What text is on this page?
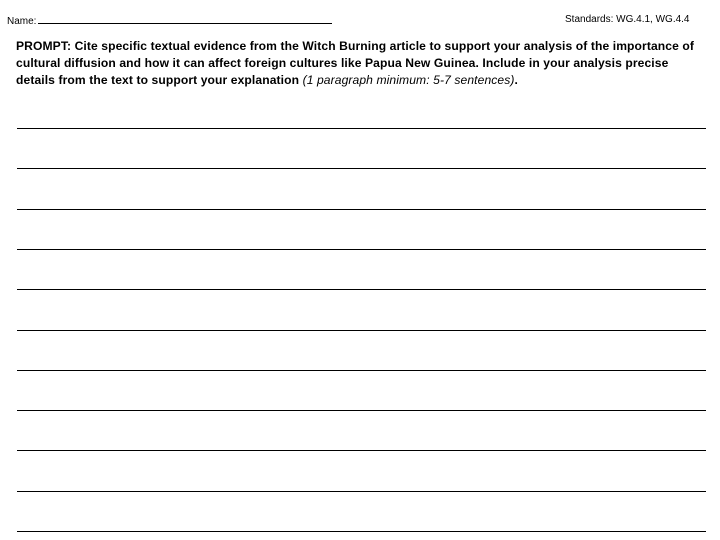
Name:	Standards: WG.4.1, WG.4.4
PROMPT: Cite specific textual evidence from the Witch Burning article to support your analysis of the importance of cultural diffusion and how it can affect foreign cultures like Papua New Guinea. Include in your analysis precise details from the text to support your explanation (1 paragraph minimum: 5-7 sentences).
